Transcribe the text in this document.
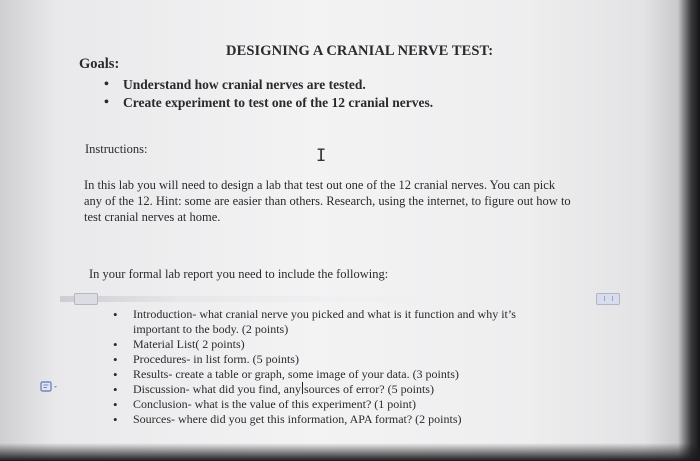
DESIGNING A CRANIAL NERVE TEST:
Goals:
• Understand how cranial nerves are tested.
• Create experiment to test one of the 12 cranial nerves.
Instructions:	I

In this lab you will need to design a lab that test out one of the 12 cranial nerves. You can pick
any of the 12. Hint: some are easier than others. Research, using the internet, to figure out how to
test cranial nerves at home.

In your formal lab report you need to include the following:
• Introduction- what cranial nerve you picked and what is it function and why it’s
important to the body. (2 points)
• Material List( 2 points)
• Procedures- in list form. (5 points)
• Results- create a table or graph, some image of your data. (3 points)
• Discussion- what did you find, any sources of error? (5 points)
• Conclusion- what is the value of this experiment? (1 point)
• Sources- where did you get this information, APA format? (2 points)
